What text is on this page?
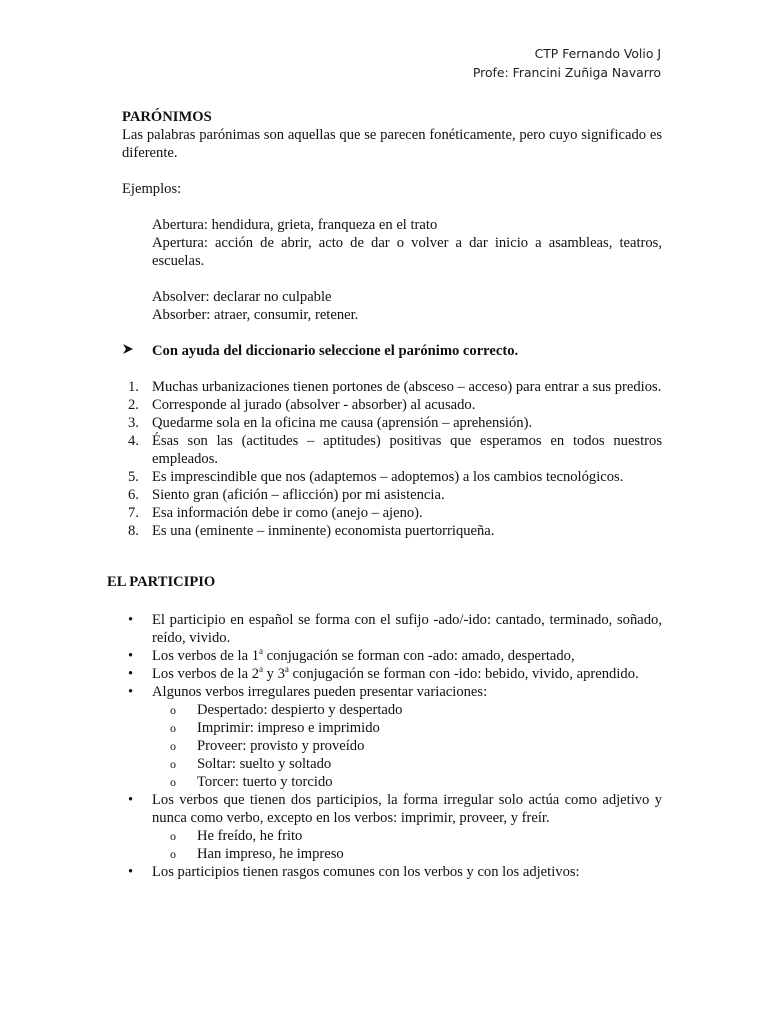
CTP Fernando Volio J
Profe: Francini Zuñiga Navarro

PARÓNIMOS

Las palabras parónimas son aquellas que se parecen fonéticamente, pero cuyo significado es diferente.

Ejemplos:

Abertura: hendidura, grieta, franqueza en el trato

Apertura: acción de abrir, acto de dar o volver a dar inicio a asambleas, teatros, escuelas.

Absolver: declarar no culpable

Absorber: atraer, consumir, retener.

Con ayuda del diccionario seleccione el parónimo correcto.
1. Muchas urbanizaciones tienen portones de (absceso – acceso) para entrar a sus predios.
2. Corresponde al jurado (absolver - absorber) al acusado.
3. Quedarme sola en la oficina me causa (aprensión – aprehensión).
4. Ésas son las (actitudes – aptitudes) positivas que esperamos en todos nuestros empleados.
5. Es imprescindible que nos (adaptemos – adoptemos) a los cambios tecnológicos.
6. Siento gran (afición – aflicción) por mi asistencia.
7. Esa información debe ir como (anejo – ajeno).
8. Es una (eminente – inminente) economista puertorriqueña.
EL PARTICIPIO
•	El participio en español se forma con el sufijo -ado/-ido: cantado, terminado, soñado, reído, vivido.
•	Los verbos de la 1$^a$ conjugación se forman con -ado: amado, despertado,
•	Los verbos de la 2$^a$ y 3$^a$ conjugación se forman con -ido: bebido, vivido, aprendido.
•	Algunos verbos irregulares pueden presentar variaciones:
o	Despertado: despierto y despertado
o	Imprimir: impreso e imprimido
o	Proveer: provisto y proveído
o	Soltar: suelto y soltado
o	Torcer: tuerto y torcido
•	Los verbos que tienen dos participios, la forma irregular solo actúa como adjetivo y nunca como verbo, excepto en los verbos: imprimir, proveer, y freír.
o	He freído, he frito
o	Han impreso, he impreso
•	Los participios tienen rasgos comunes con los verbos y con los adjetivos:
